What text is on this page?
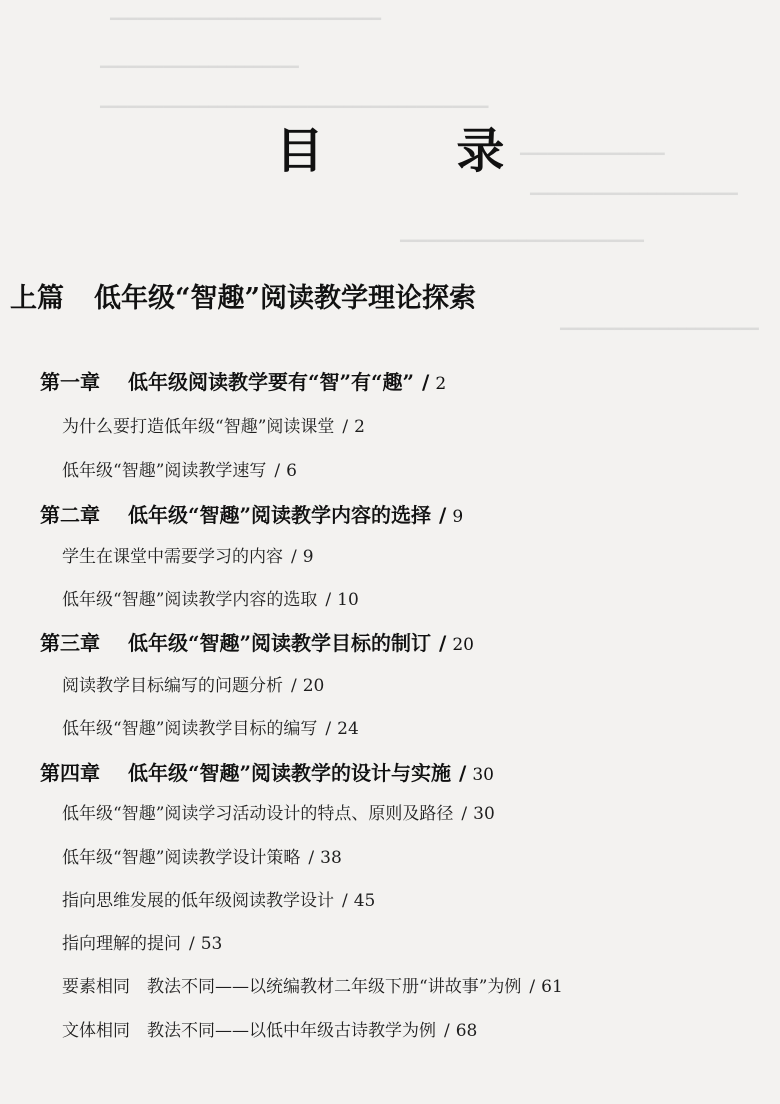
━━━━━━━━━━━━━━━━━━━━━━━━━━━━━━
━━━━━━━━━━━━━━━━━━━━━━
━━━━━━━━━━━━━━━━━━━━━━━━━━━━━━━━━━━━━━━━━━━
━━━━━━━━━━━━━━━━
━━━━━━━━━━━━━━━━━━━━━━━
━━━━━━━━━━━━━━━━━━━━━━━━━━━
━━━━━━━━━━━━━━━━━━━━━━
目 录
上篇 低年级“智趣”阅读教学理论探索
第一章 低年级阅读教学要有“智”有“趣” / 2
为什么要打造低年级“智趣”阅读课堂 / 2
低年级“智趣”阅读教学速写 / 6
第二章 低年级“智趣”阅读教学内容的选择 / 9
学生在课堂中需要学习的内容 / 9
低年级“智趣”阅读教学内容的选取 / 10
第三章 低年级“智趣”阅读教学目标的制订 / 20
阅读教学目标编写的问题分析 / 20
低年级“智趣”阅读教学目标的编写 / 24
第四章 低年级“智趣”阅读教学的设计与实施 / 30
低年级“智趣”阅读学习活动设计的特点、原则及路径 / 30
低年级“智趣”阅读教学设计策略 / 38
指向思维发展的低年级阅读教学设计 / 45
指向理解的提问 / 53
要素相同　教法不同——以统编教材二年级下册“讲故事”为例 / 61
文体相同　教法不同——以低中年级古诗教学为例 / 68
